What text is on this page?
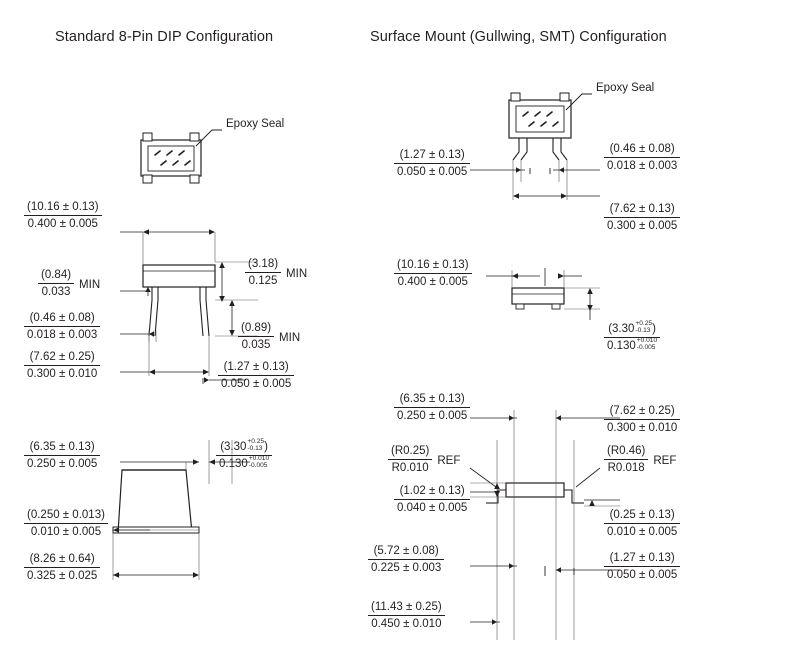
Standard 8-Pin DIP Configuration	Surface Mount (Gullwing, SMT) Configuration
Epoxy Seal
Epoxy Seal
$\frac{(10.16 \pm 0.13)}{0.400 \pm 0.005}$
$\frac{(0.84)}{0.033}$ MIN
$\frac{(0.46 \pm 0.08)}{0.018 \pm 0.003}$
$\frac{(7.62 \pm 0.25)}{0.300 \pm 0.010}$
$\frac{(6.35 \pm 0.13)}{0.250 \pm 0.005}$
$\frac{(0.250 \pm 0.013)}{0.010 \pm 0.005}$
$\frac{(8.26 \pm 0.64)}{0.325 \pm 0.025}$
$\frac{(3.18)}{0.125}$ MIN
$\frac{(0.89)}{0.035}$ MIN
$\frac{(1.27 \pm 0.13)}{0.050 \pm 0.005}$
(3.30 +0.25
-0.13 )
0.130 +0.010
-0.005
$\frac{(1.27 \pm 0.13)}{0.050 \pm 0.005}$	$\frac{(0.46 \pm 0.08)}{0.018 \pm 0.003}$
$\frac{(7.62 \pm 0.13)}{0.300 \pm 0.005}$
$\frac{(10.16 \pm 0.13)}{0.400 \pm 0.005}$
(3.30 +0.25
-0.13 )
0.130 +0.010
-0.005
$\frac{(6.35 \pm 0.13)}{0.250 \pm 0.005}$	$\frac{(7.62 \pm 0.25)}{0.300 \pm 0.010}$
$\frac{(R0.25)}{R0.010}$ REF	$\frac{(R0.46)}{R0.018}$ REF
$\frac{(1.02 \pm 0.13)}{0.040 \pm 0.005}$
$\frac{(0.25 \pm 0.13)}{0.010 \pm 0.005}$
$\frac{(5.72 \pm 0.08)}{0.225 \pm 0.003}$	$\frac{(1.27 \pm 0.13)}{0.050 \pm 0.005}$
$\frac{(11.43 \pm 0.25)}{0.450 \pm 0.010}$
